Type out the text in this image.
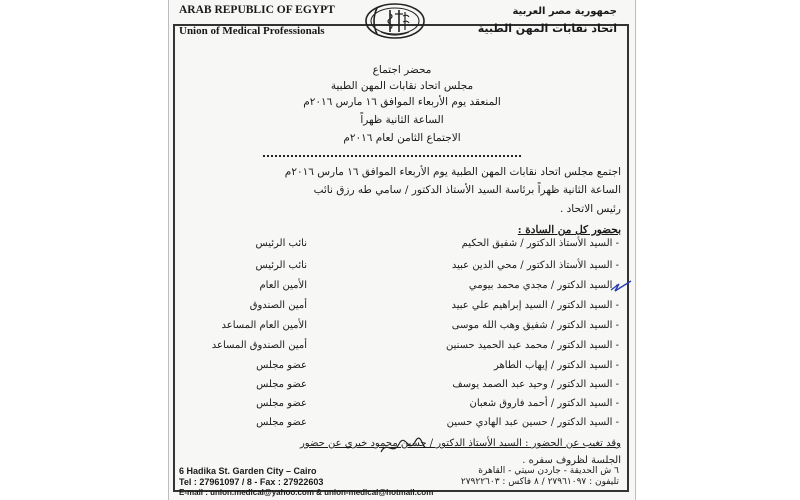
ARAB REPUBLIC OF EGYPT
Union of Medical Professionals
جمهورية مصر العربية
اتحاد نقابات المهن الطبية
محضر اجتماع
مجلس اتحاد نقابات المهن الطبية
المنعقد يوم الأربعاء الموافق ١٦ مارس ٢٠١٦م
الساعة الثانية ظهراً
الاجتماع الثامن لعام ٢٠١٦م
اجتمع مجلس اتحاد نقابات المهن الطبية يوم الأربعاء الموافق ١٦ مارس ٢٠١٦م
الساعة الثانية ظهراً برئاسة السيد الأستاذ الدكتور / سامي طه رزق نائب
رئيس الاتحاد .
بحضور كل من السادة :
- السيد الأستاذ الدكتور / شفيق الحكيم
نائب الرئيس
- السيد الأستاذ الدكتور / محي الدين عبيد
نائب الرئيس
- السيد الدكتور / مجدي محمد بيومي
الأمين العام
- السيد الدكتور / السيد إبراهيم علي عبيد
أمين الصندوق
- السيد الدكتور / شفيق وهب الله موسى
الأمين العام المساعد
- السيد الدكتور / محمد عبد الحميد حسنين
أمين الصندوق المساعد
- السيد الدكتور / إيهاب الطاهر
عضو مجلس
- السيد الدكتور / وحيد عبد الصمد يوسف
عضو مجلس
- السيد الدكتور / أحمد فاروق شعبان
عضو مجلس
- السيد الدكتور / حسين عبد الهادي حسين
عضو مجلس
وقد تغيب عن الحضور : السيد الأستاذ الدكتور / حسين محمود خيري عن حضور
الجلسة لظروف سفره .
6 Hadika St. Garden City – Cairo
Tel : 27961097 / 8 - Fax : 27922603
E-mail : union.medical@yahoo.com & union-medical@hotmail.com
٦ ش الحديقة - جاردن سيتي - القاهرة
تليفون : ٢٧٩٦١٠٩٧ / ٨ فاكس : ٢٧٩٢٢٦٠٣
